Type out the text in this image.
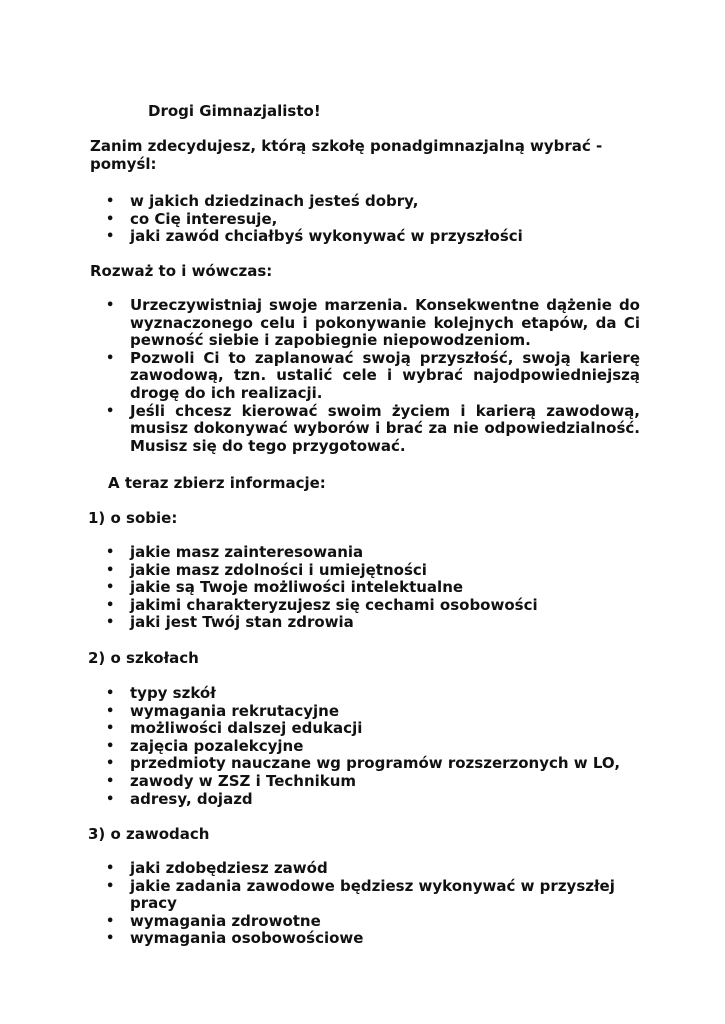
Drogi Gimnazjalisto!
Zanim zdecydujesz, którą szkołę ponadgimnazjalną wybrać - pomyśl:
• w jakich dziedzinach jesteś dobry,
• co Cię interesuje,
• jaki zawód chciałbyś wykonywać w przyszłości
Rozważ to i wówczas:
• Urzeczywistniaj swoje marzenia. Konsekwentne dążenie do wyznaczonego celu i pokonywanie kolejnych etapów, da Ci pewność siebie i zapobiegnie niepowodzeniom.
• Pozwoli Ci to zaplanować swoją przyszłość, swoją karierę zawodową, tzn. ustalić cele i wybrać najodpowiedniejszą drogę do ich realizacji.
• Jeśli chcesz kierować swoim życiem i karierą zawodową, musisz dokonywać wyborów i brać za nie odpowiedzialność. Musisz się do tego przygotować.
A teraz zbierz informacje:
1) o sobie:
• jakie masz zainteresowania
• jakie masz zdolności i umiejętności
• jakie są Twoje możliwości intelektualne
• jakimi charakteryzujesz się cechami osobowości
• jaki jest Twój stan zdrowia
2) o szkołach
• typy szkół
• wymagania rekrutacyjne
• możliwości dalszej edukacji
• zajęcia pozalekcyjne
• przedmioty nauczane wg programów rozszerzonych w LO,
• zawody w ZSZ i Technikum
• adresy, dojazd
3) o zawodach
• jaki zdobędziesz zawód
• jakie zadania zawodowe będziesz wykonywać w przyszłej pracy
• wymagania zdrowotne
• wymagania osobowościowe
